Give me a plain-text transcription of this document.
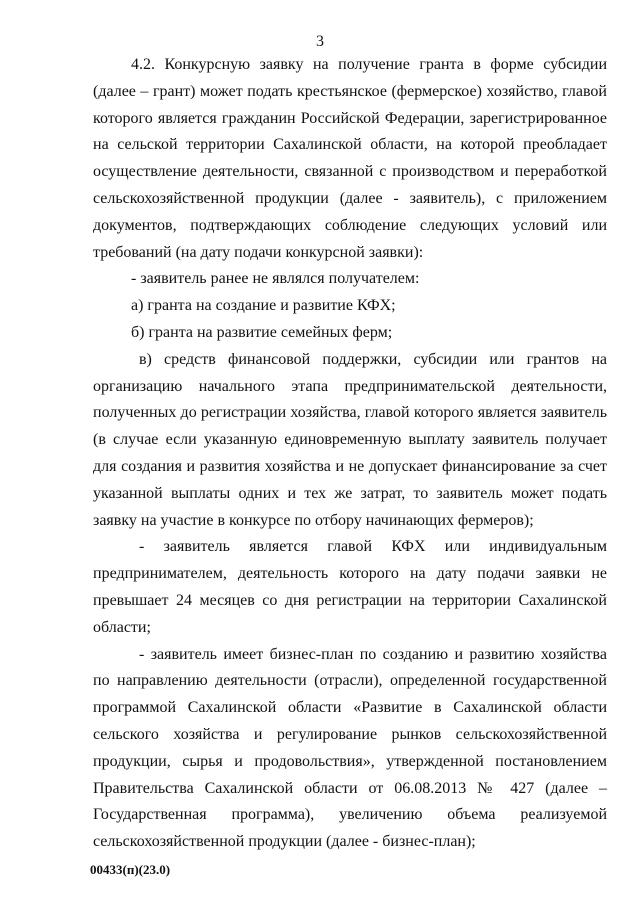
3

4.2. Конкурсную заявку на получение гранта в форме субсидии (далее – грант) может подать крестьянское (фермерское) хозяйство, главой которого является гражданин Российской Федерации, зарегистрированное на сельской территории Сахалинской области, на которой преобладает осуществление деятельности, связанной с производством и переработкой сельскохозяйственной продукции (далее - заявитель), с приложением документов, подтверждающих соблюдение следующих условий или требований (на дату подачи конкурсной заявки):

- заявитель ранее не являлся получателем:

а) гранта на создание и развитие КФХ;

б) гранта на развитие семейных ферм;

в) средств финансовой поддержки, субсидии или грантов на организацию начального этапа предпринимательской деятельности, полученных до регистрации хозяйства, главой которого является заявитель (в случае если указанную единовременную выплату заявитель получает для создания и развития хозяйства и не допускает финансирование за счет указанной выплаты одних и тех же затрат, то заявитель может подать заявку на участие в конкурсе по отбору начинающих фермеров);

- заявитель является главой КФХ или индивидуальным предпринимателем, деятельность которого на дату подачи заявки не превышает 24 месяцев со дня регистрации на территории Сахалинской области;

- заявитель имеет бизнес-план по созданию и развитию хозяйства по направлению деятельности (отрасли), определенной государственной программой Сахалинской области «Развитие в Сахалинской области сельского хозяйства и регулирование рынков сельскохозяйственной продукции, сырья и продовольствия», утвержденной постановлением Правительства Сахалинской области от 06.08.2013 № 427 (далее – Государственная программа), увеличению объема реализуемой сельскохозяйственной продукции (далее - бизнес-план);

00433(п)(23.0)
